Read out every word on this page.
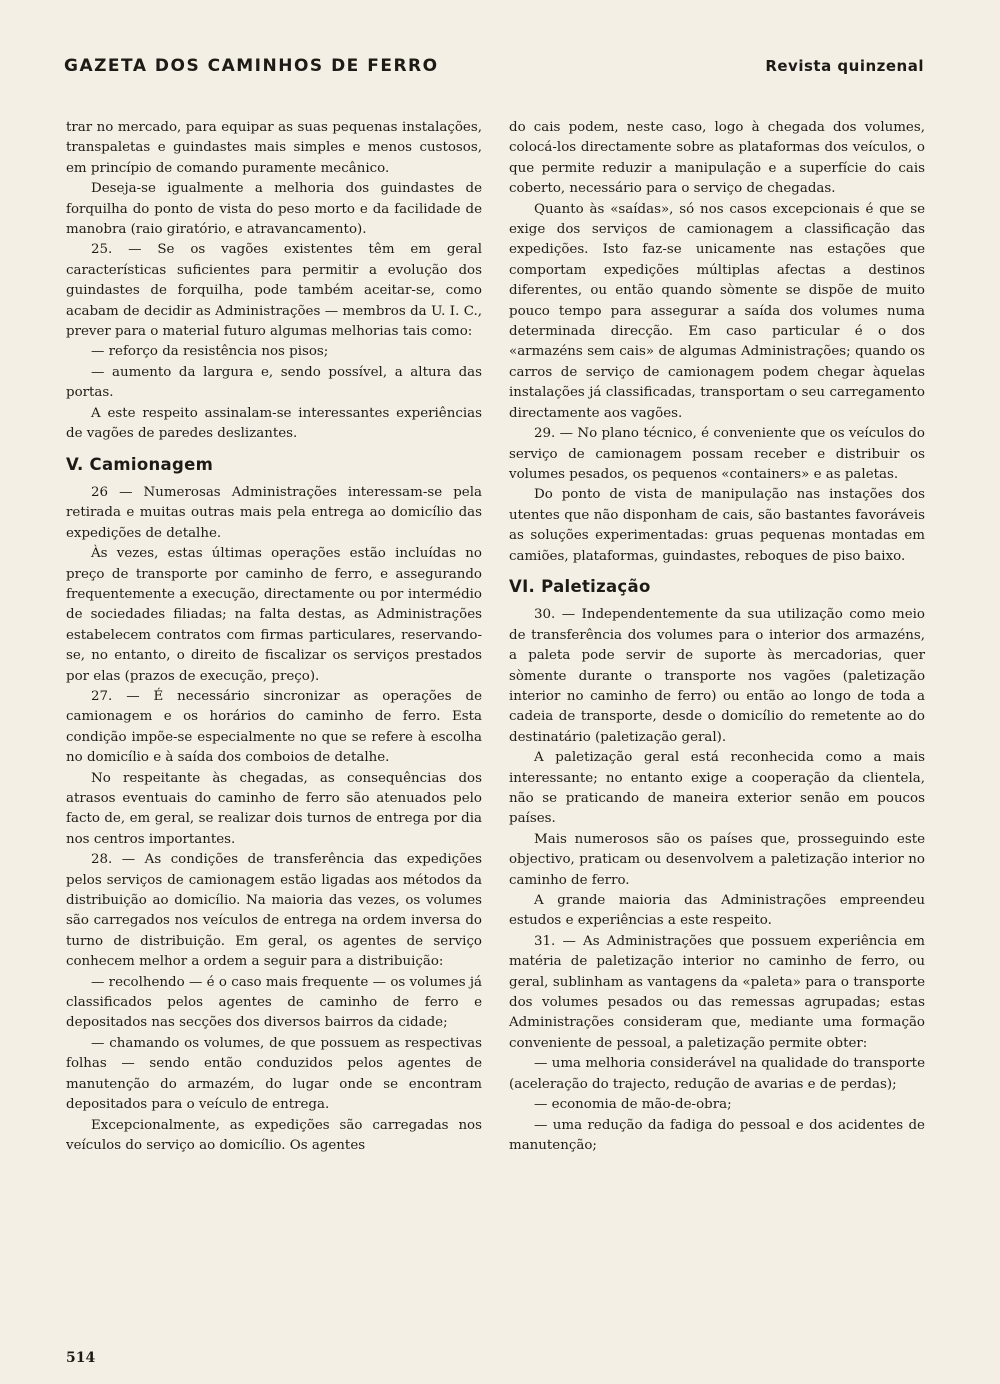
GAZETA DOS CAMINHOS DE FERRO	Revista quinzenal

trar no mercado, para equipar as suas pequenas instalações, transpaletas e guindastes mais simples e menos custosos, em princípio de comando puramente mecânico.

Deseja-se igualmente a melhoria dos guindastes de forquilha do ponto de vista do peso morto e da facilidade de manobra (raio giratório, e atravancamento).

25. — Se os vagões existentes têm em geral características suficientes para permitir a evolução dos guindastes de forquilha, pode também aceitar-se, como acabam de decidir as Administrações — membros da U. I. C., prever para o material futuro algumas melhorias tais como:

— reforço da resistência nos pisos;

— aumento da largura e, sendo possível, a altura das portas.

A este respeito assinalam-se interessantes experiências de vagões de paredes deslizantes.

V. Camionagem

26 — Numerosas Administrações interessam-se pela retirada e muitas outras mais pela entrega ao domicílio das expedições de detalhe.

Às vezes, estas últimas operações estão incluídas no preço de transporte por caminho de ferro, e assegurando frequentemente a execução, directamente ou por intermédio de sociedades filiadas; na falta destas, as Administrações estabelecem contratos com firmas particulares, reservando-se, no entanto, o direito de fiscalizar os serviços prestados por elas (prazos de execução, preço).

27. — É necessário sincronizar as operações de camionagem e os horários do caminho de ferro. Esta condição impõe-se especialmente no que se refere à escolha no domicílio e à saída dos comboios de detalhe.

No respeitante às chegadas, as consequências dos atrasos eventuais do caminho de ferro são atenuados pelo facto de, em geral, se realizar dois turnos de entrega por dia nos centros importantes.

28. — As condições de transferência das expedições pelos serviços de camionagem estão ligadas aos métodos da distribuição ao domicílio. Na maioria das vezes, os volumes são carregados nos veículos de entrega na ordem inversa do turno de distribuição. Em geral, os agentes de serviço conhecem melhor a ordem a seguir para a distribuição:

— recolhendo — é o caso mais frequente — os volumes já classificados pelos agentes de caminho de ferro e depositados nas secções dos diversos bairros da cidade;

— chamando os volumes, de que possuem as respectivas folhas — sendo então conduzidos pelos agentes de manutenção do armazém, do lugar onde se encontram depositados para o veículo de entrega.

Excepcionalmente, as expedições são carregadas nos veículos do serviço ao domicílio. Os agentes

do cais podem, neste caso, logo à chegada dos volumes, colocá-los directamente sobre as plataformas dos veículos, o que permite reduzir a manipulação e a superfície do cais coberto, necessário para o serviço de chegadas.

Quanto às «saídas», só nos casos excepcionais é que se exige dos serviços de camionagem a classificação das expedições. Isto faz-se unicamente nas estações que comportam expedições múltiplas afectas a destinos diferentes, ou então quando sòmente se dispõe de muito pouco tempo para assegurar a saída dos volumes numa determinada direcção. Em caso particular é o dos «armazéns sem cais» de algumas Administrações; quando os carros de serviço de camionagem podem chegar àquelas instalações já classificadas, transportam o seu carregamento directamente aos vagões.

29. — No plano técnico, é conveniente que os veículos do serviço de camionagem possam receber e distribuir os volumes pesados, os pequenos «containers» e as paletas.

Do ponto de vista de manipulação nas instações dos utentes que não disponham de cais, são bastantes favoráveis as soluções experimentadas: gruas pequenas montadas em camiões, plataformas, guindastes, reboques de piso baixo.

VI. Paletização

30. — Independentemente da sua utilização como meio de transferência dos volumes para o interior dos armazéns, a paleta pode servir de suporte às mercadorias, quer sòmente durante o transporte nos vagões (paletização interior no caminho de ferro) ou então ao longo de toda a cadeia de transporte, desde o domicílio do remetente ao do destinatário (paletização geral).

A paletização geral está reconhecida como a mais interessante; no entanto exige a cooperação da clientela, não se praticando de maneira exterior senão em poucos países.

Mais numerosos são os países que, prosseguindo este objectivo, praticam ou desenvolvem a paletização interior no caminho de ferro.

A grande maioria das Administrações empreendeu estudos e experiências a este respeito.

31. — As Administrações que possuem experiência em matéria de paletização interior no caminho de ferro, ou geral, sublinham as vantagens da «paleta» para o transporte dos volumes pesados ou das remessas agrupadas; estas Administrações consideram que, mediante uma formação conveniente de pessoal, a paletização permite obter:

— uma melhoria considerável na qualidade do transporte (aceleração do trajecto, redução de avarias e de perdas);

— economia de mão-de-obra;

— uma redução da fadiga do pessoal e dos acidentes de manutenção;

514
